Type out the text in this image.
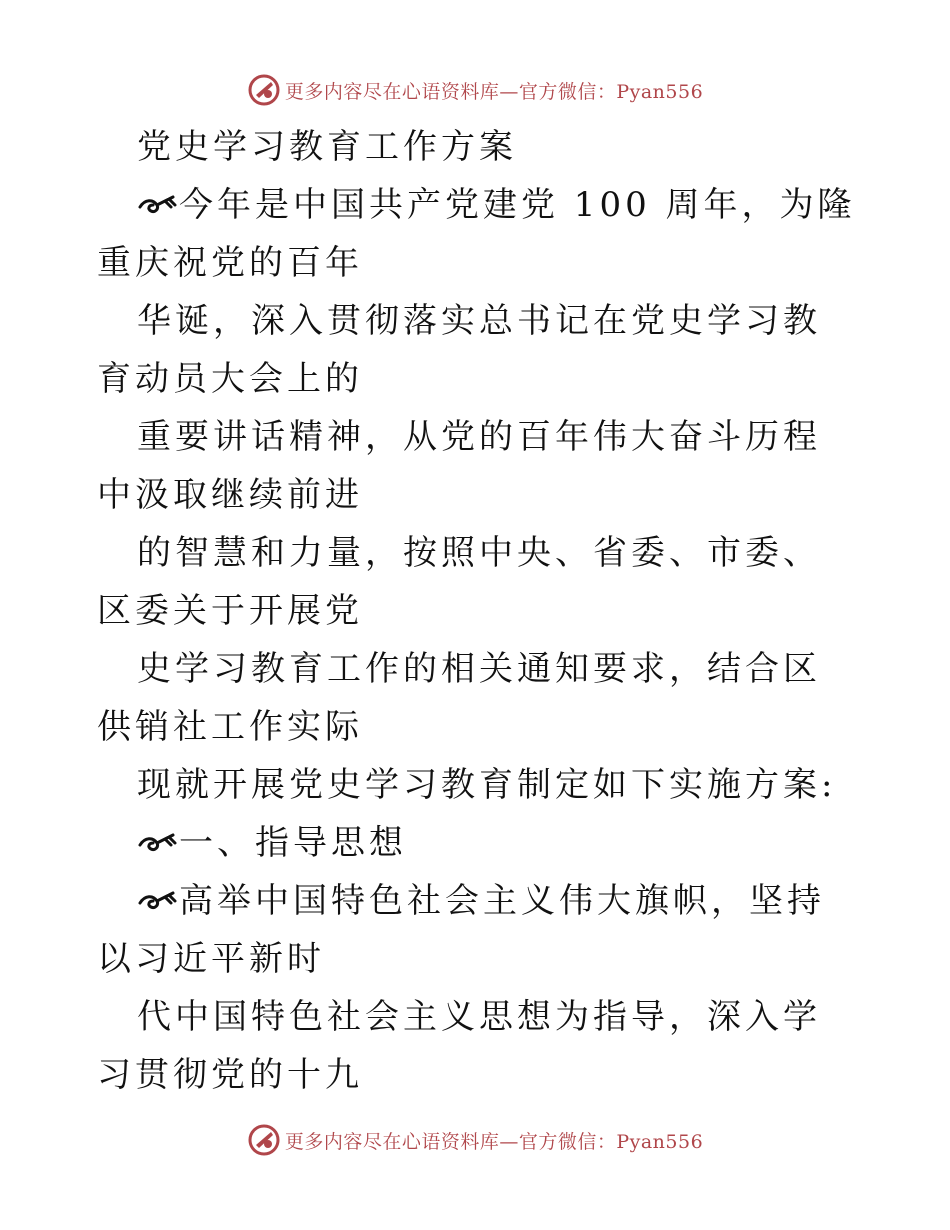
更多内容尽在心语资料库—官方微信：Pyan556

党史学习教育工作方案

今年是中国共产党建党 100 周年，为隆重庆祝党的百年

华诞，深入贯彻落实总书记在党史学习教育动员大会上的

重要讲话精神，从党的百年伟大奋斗历程中汲取继续前进

的智慧和力量，按照中央、省委、市委、区委关于开展党

史学习教育工作的相关通知要求，结合区供销社工作实际

现就开展党史学习教育制定如下实施方案:

一、指导思想

高举中国特色社会主义伟大旗帜，坚持以习近平新时

代中国特色社会主义思想为指导，深入学习贯彻党的十九

更多内容尽在心语资料库—官方微信：Pyan556
